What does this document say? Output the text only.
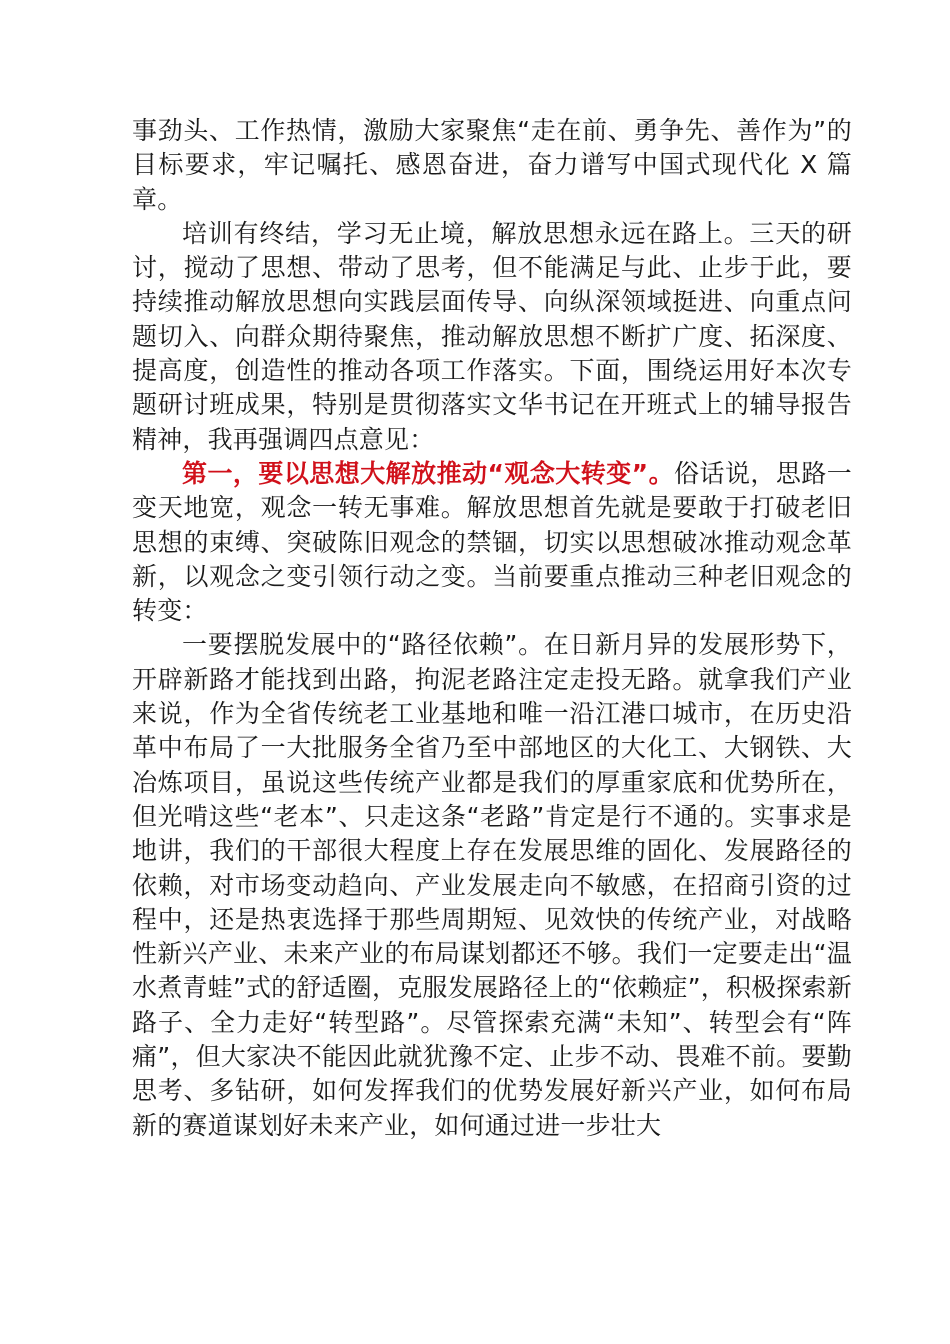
事劲头、工作热情，激励大家聚焦“走在前、勇争先、善作为”的目标要求，牢记嘱托、感恩奋进，奋力谱写中国式现代化 X 篇章。

培训有终结，学习无止境，解放思想永远在路上。三天的研讨，搅动了思想、带动了思考，但不能满足与此、止步于此，要持续推动解放思想向实践层面传导、向纵深领域挺进、向重点问题切入、向群众期待聚焦，推动解放思想不断扩广度、拓深度、提高度，创造性的推动各项工作落实。下面，围绕运用好本次专题研讨班成果，特别是贯彻落实文华书记在开班式上的辅导报告精神，我再强调四点意见：

第一，要以思想大解放推动“观念大转变”。俗话说，思路一变天地宽，观念一转无事难。解放思想首先就是要敢于打破老旧思想的束缚、突破陈旧观念的禁锢，切实以思想破冰推动观念革新，以观念之变引领行动之变。当前要重点推动三种老旧观念的转变：

一要摆脱发展中的“路径依赖”。在日新月异的发展形势下，开辟新路才能找到出路，拘泥老路注定走投无路。就拿我们产业来说，作为全省传统老工业基地和唯一沿江港口城市，在历史沿革中布局了一大批服务全省乃至中部地区的大化工、大钢铁、大冶炼项目，虽说这些传统产业都是我们的厚重家底和优势所在，但光啃这些“老本”、只走这条“老路”肯定是行不通的。实事求是地讲，我们的干部很大程度上存在发展思维的固化、发展路径的依赖，对市场变动趋向、产业发展走向不敏感，在招商引资的过程中，还是热衷选择于那些周期短、见效快的传统产业，对战略性新兴产业、未来产业的布局谋划都还不够。我们一定要走出“温水煮青蛙”式的舒适圈，克服发展路径上的“依赖症”，积极探索新路子、全力走好“转型路”。尽管探索充满“未知”、转型会有“阵痛”，但大家决不能因此就犹豫不定、止步不动、畏难不前。要勤思考、多钻研，如何发挥我们的优势发展好新兴产业，如何布局新的赛道谋划好未来产业，如何通过进一步壮大
